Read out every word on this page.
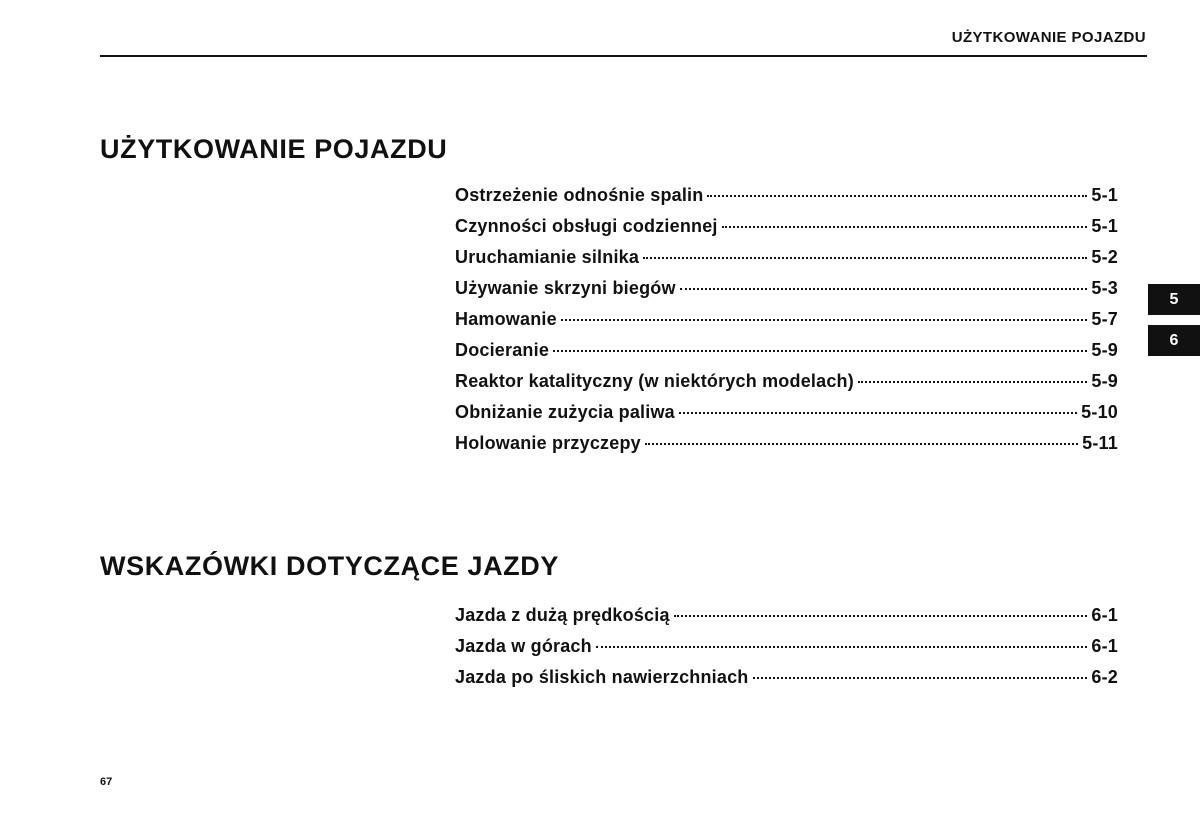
UŻYTKOWANIE POJAZDU
UŻYTKOWANIE POJAZDU
Ostrzeżenie odnośnie spalin	5-1
Czynności obsługi codziennej	5-1
Uruchamianie silnika	5-2
Używanie skrzyni biegów	5-3
Hamowanie	5-7
Docieranie	5-9
Reaktor katalityczny (w niektórych modelach)	5-9
Obniżanie zużycia paliwa	5-10
Holowanie przyczepy	5-11
WSKAZÓWKI DOTYCZĄCE JAZDY
Jazda z dużą prędkością	6-1
Jazda w górach	6-1
Jazda po śliskich nawierzchniach	6-2
5
6
67
